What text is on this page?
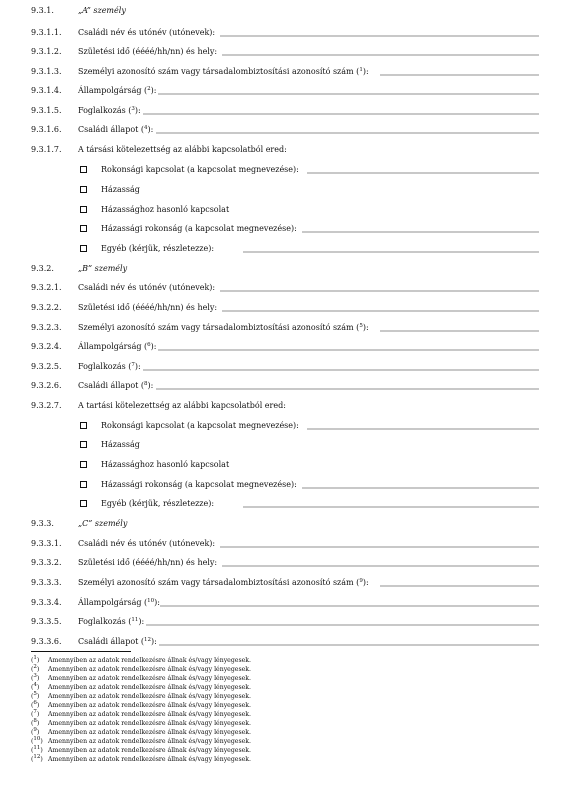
9.3.1.	„A” személy
9.3.1.1. Családi név és utónév (utónevek):
9.3.1.2. Születési idő (éééé/hh/nn) és hely:
9.3.1.3. Személyi azonosító szám vagy társadalombiztosítási azonosító szám ($^1$):
9.3.1.4. Állampolgárság ($^2$):
9.3.1.5. Foglalkozás ($^3$):
9.3.1.6. Családi állapot ($^4$):
9.3.1.7. A társási kötelezettség az alábbi kapcsolatból ered:
Rokonsági kapcsolat (a kapcsolat megnevezése):
Házasság
Házassághoz hasonló kapcsolat
Házassági rokonság (a kapcsolat megnevezése):
Egyéb (kérjük, részletezze):
9.3.2.	„B” személy
9.3.2.1. Családi név és utónév (utónevek):
9.3.2.2. Születési idő (éééé/hh/nn) és hely:
9.3.2.3. Személyi azonosító szám vagy társadalombiztosítási azonosító szám ($^5$):
9.3.2.4. Állampolgárság ($^6$):
9.3.2.5. Foglalkozás ($^7$):
9.3.2.6. Családi állapot ($^8$):
9.3.2.7. A tartási kötelezettség az alábbi kapcsolatból ered:
Rokonsági kapcsolat (a kapcsolat megnevezése):
Házasság
Házassághoz hasonló kapcsolat
Házassági rokonság (a kapcsolat megnevezése):
Egyéb (kérjük, részletezze):
9.3.3.	„C” személy
9.3.3.1. Családi név és utónév (utónevek):
9.3.3.2. Születési idő (éééé/hh/nn) és hely:
9.3.3.3. Személyi azonosító szám vagy társadalombiztosítási azonosító szám ($^9$):
9.3.3.4. Állampolgárság ($^{10}$):
9.3.3.5. Foglalkozás ($^{11}$):
9.3.3.6. Családi állapot ($^{12}$):
($^1$) Amennyiben az adatok rendelkezésre állnak és/vagy lényegesek.
($^2$) Amennyiben az adatok rendelkezésre állnak és/vagy lényegesek.
($^3$) Amennyiben az adatok rendelkezésre állnak és/vagy lényegesek.
($^4$) Amennyiben az adatok rendelkezésre állnak és/vagy lényegesek.
($^5$) Amennyiben az adatok rendelkezésre állnak és/vagy lényegesek.
($^6$) Amennyiben az adatok rendelkezésre állnak és/vagy lényegesek.
($^7$) Amennyiben az adatok rendelkezésre állnak és/vagy lényegesek.
($^8$) Amennyiben az adatok rendelkezésre állnak és/vagy lényegesek.
($^9$) Amennyiben az adatok rendelkezésre állnak és/vagy lényegesek.
($^{10}$) Amennyiben az adatok rendelkezésre állnak és/vagy lényegesek.
($^{11}$) Amennyiben az adatok rendelkezésre állnak és/vagy lényegesek.
($^{12}$) Amennyiben az adatok rendelkezésre állnak és/vagy lényegesek.
